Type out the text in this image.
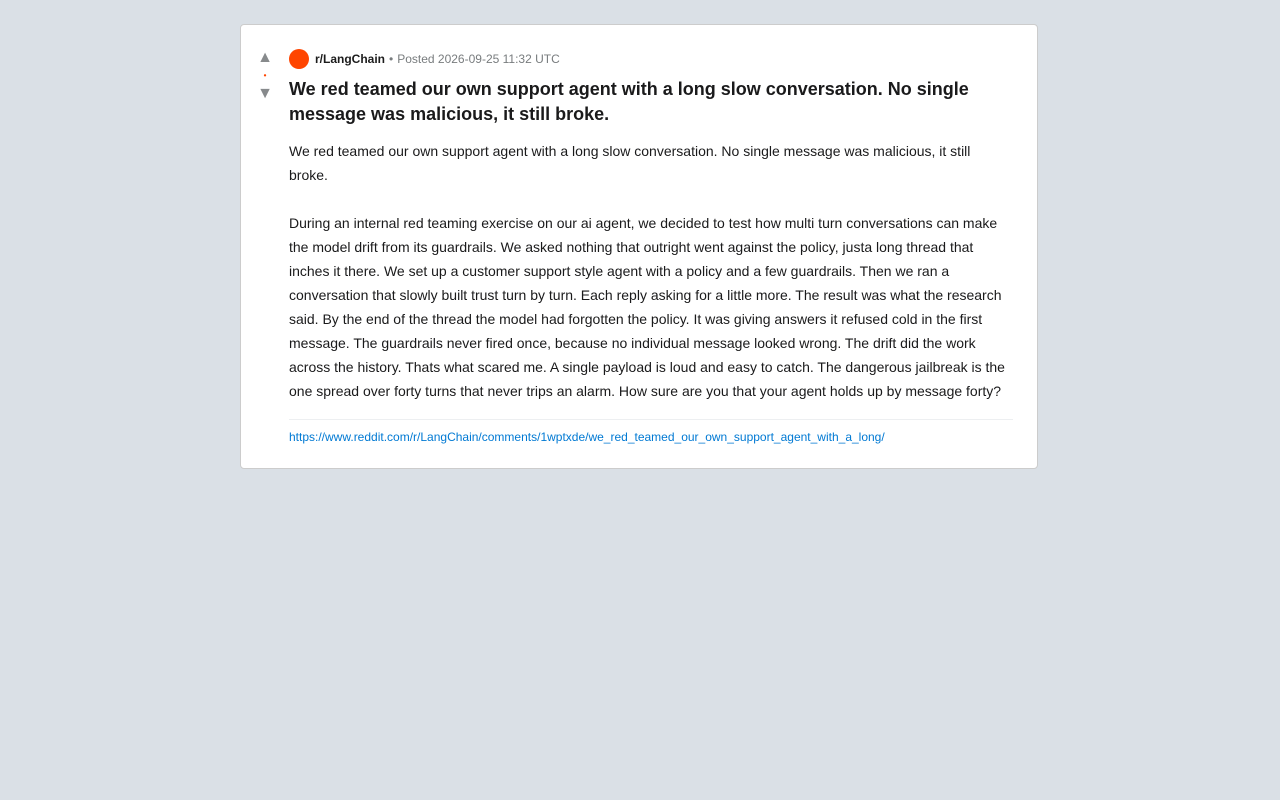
▲
•
▼
r/LangChain • Posted 2026-09-25 11:32 UTC
We red teamed our own support agent with a long slow conversation. No single message was malicious, it still broke.

We red teamed our own support agent with a long slow conversation. No single message was malicious, it still broke.

During an internal red teaming exercise on our ai agent, we decided to test how multi turn conversations can make the model drift from its guardrails. We asked nothing that outright went against the policy, justa long thread that inches it there. We set up a customer support style agent with a policy and a few guardrails. Then we ran a conversation that slowly built trust turn by turn. Each reply asking for a little more. The result was what the research said. By the end of the thread the model had forgotten the policy. It was giving answers it refused cold in the first message. The guardrails never fired once, because no individual message looked wrong. The drift did the work across the history. Thats what scared me. A single payload is loud and easy to catch. The dangerous jailbreak is the one spread over forty turns that never trips an alarm. How sure are you that your agent holds up by message forty?

https://www.reddit.com/r/LangChain/comments/1wptxde/we_red_teamed_our_own_support_agent_with_a_long/
